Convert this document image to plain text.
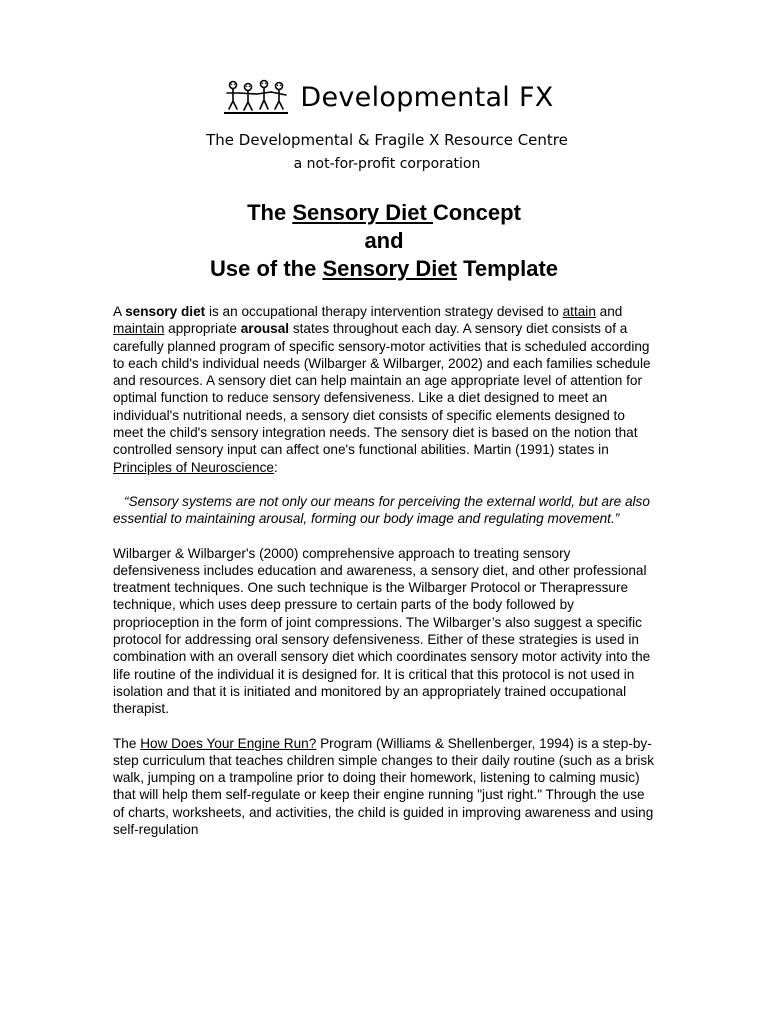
Developmental FX
The Developmental & Fragile X Resource Centre
a not-for-profit corporation
The Sensory Diet Concept
and
Use of the Sensory Diet Template

A sensory diet is an occupational therapy intervention strategy devised to attain and maintain appropriate arousal states throughout each day. A sensory diet consists of a carefully planned program of specific sensory-motor activities that is scheduled according to each child's individual needs (Wilbarger & Wilbarger, 2002) and each families schedule and resources. A sensory diet can help maintain an age appropriate level of attention for optimal function to reduce sensory defensiveness. Like a diet designed to meet an individual's nutritional needs, a sensory diet consists of specific elements designed to meet the child's sensory integration needs. The sensory diet is based on the notion that controlled sensory input can affect one's functional abilities. Martin (1991) states in Principles of Neuroscience:

“Sensory systems are not only our means for perceiving the external world, but are also essential to maintaining arousal, forming our body image and regulating movement.”

Wilbarger & Wilbarger's (2000) comprehensive approach to treating sensory defensiveness includes education and awareness, a sensory diet, and other professional treatment techniques. One such technique is the Wilbarger Protocol or Therapressure technique, which uses deep pressure to certain parts of the body followed by proprioception in the form of joint compressions. The Wilbarger’s also suggest a specific protocol for addressing oral sensory defensiveness. Either of these strategies is used in combination with an overall sensory diet which coordinates sensory motor activity into the life routine of the individual it is designed for. It is critical that this protocol is not used in isolation and that it is initiated and monitored by an appropriately trained occupational therapist.

The How Does Your Engine Run? Program (Williams & Shellenberger, 1994) is a step-by-step curriculum that teaches children simple changes to their daily routine (such as a brisk walk, jumping on a trampoline prior to doing their homework, listening to calming music) that will help them self-regulate or keep their engine running "just right." Through the use of charts, worksheets, and activities, the child is guided in improving awareness and using self-regulation
